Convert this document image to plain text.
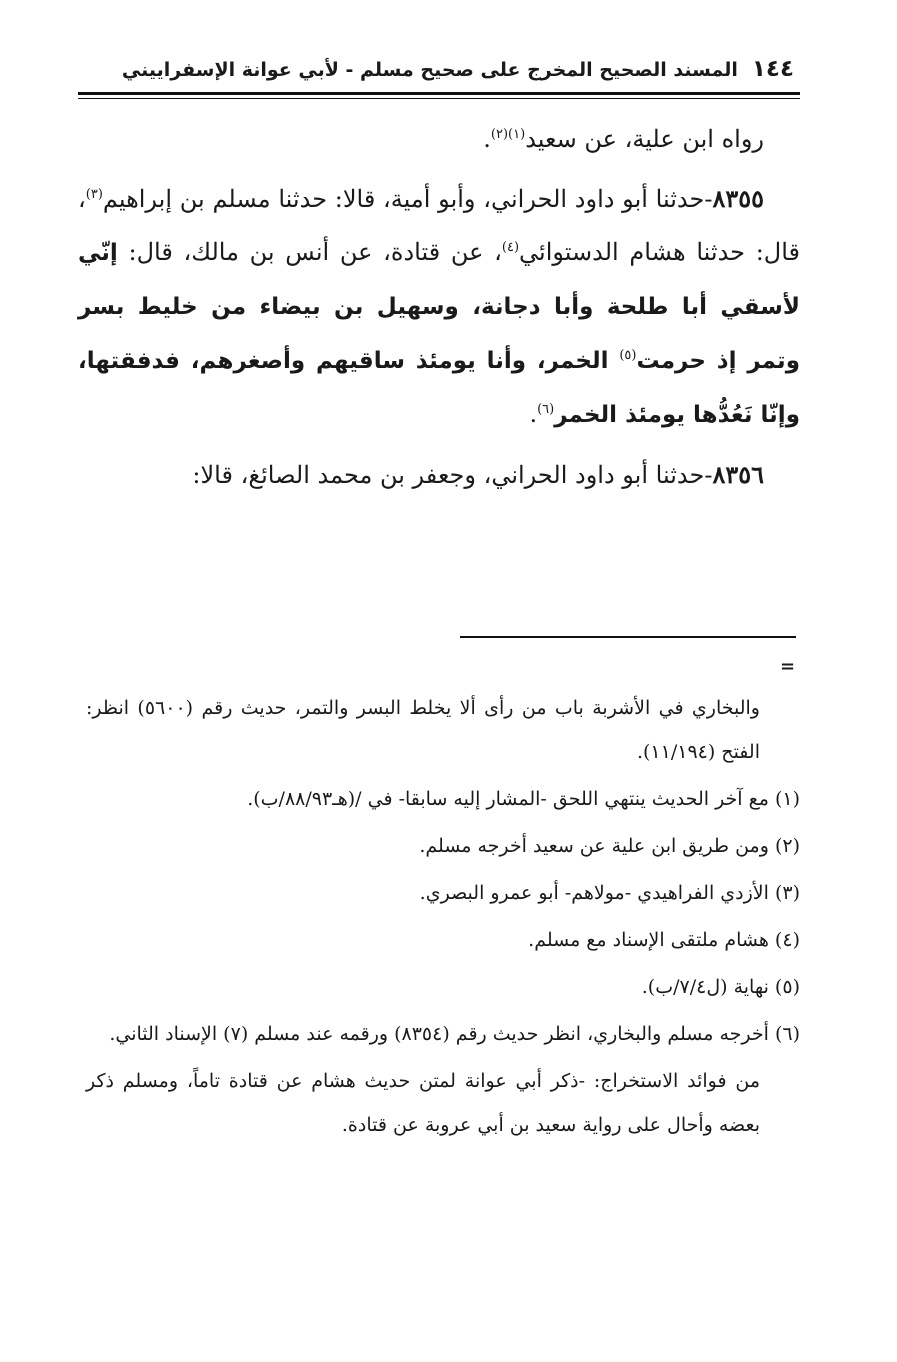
١٤٤
المسند الصحيح المخرج على صحيح مسلم - لأبي عوانة الإسفراييني

رواه ابن علية، عن سعيد$^{(١)(٢)}$.

٨٣٥٥-حدثنا أبو داود الحراني، وأبو أمية، قالا: حدثنا مسلم بن إبراهيم$^{(٣)}$، قال: حدثنا هشام الدستوائي$^{(٤)}$، عن قتادة، عن أنس بن مالك، قال: إنّي لأسقي أبا طلحة وأبا دجانة، وسهيل بن بيضاء من خليط بسر وتمر إذ حرمت$^{(٥)}$ الخمر، وأنا يومئذ ساقيهم وأصغرهم، فدفقتها، وإنّا نَعُدُّها يومئذ الخمر$^{(٦)}$.

٨٣٥٦-حدثنا أبو داود الحراني، وجعفر بن محمد الصائغ، قالا:

=

والبخاري في الأشربة باب من رأى ألا يخلط البسر والتمر، حديث رقم (٥٦٠٠) انظر: الفتح (١١/١٩٤).

(١) مع آخر الحديث ينتهي اللحق -المشار إليه سابقا- في /(هـ٨٨/٩٣/ب).

(٢) ومن طريق ابن علية عن سعيد أخرجه مسلم.

(٣) الأزدي الفراهيدي -مولاهم- أبو عمرو البصري.

(٤) هشام ملتقى الإسناد مع مسلم.

(٥) نهاية (ل٧/٤/ب).

(٦) أخرجه مسلم والبخاري، انظر حديث رقم (٨٣٥٤) ورقمه عند مسلم (٧) الإسناد الثاني.

من فوائد الاستخراج: -ذكر أبي عوانة لمتن حديث هشام عن قتادة تاماً، ومسلم ذكر بعضه وأحال على رواية سعيد بن أبي عروبة عن قتادة.
